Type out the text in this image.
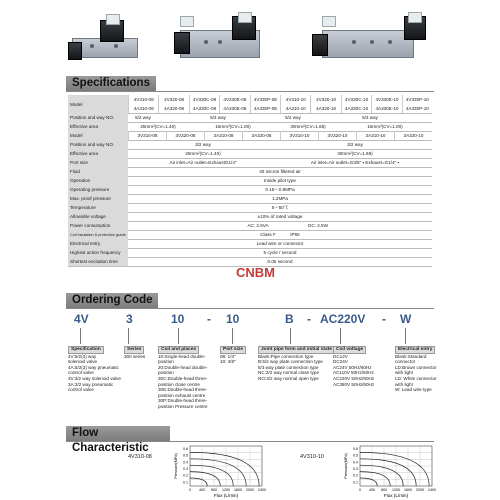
Specifications
Model
4V310-08	4V320-08	4V330C-08	4V330E-08	4V330P-08	4V310-10	4V320-10	4V330C-10	4V330E-10	4V330P-10
4A310-08	4A320-08	4A330C-08	4A330E-08	4A330P-08	4A310-10	4A320-10	4A330C-10	4A330E-10	4A330P-10
Position and way NO.	5/2 way	5/3 way	5/2 way	5/3 way
Effective area	25mm²(CV=1.40)	16mm²(CV=1.00)	30mm²(CV=1.68)	16mm²(CV=1.00)
Model	3V310-08	3V320-08	3A310-08	3A320-08	3V310-10	3V320-10	3A310-10	3A320-10
Position and way NO.	3/2 way	3/2 way
Effective area	25mm²(CV=1.40)	30mm²(CV=1.68)
Port size	Air inlet=Air outlet=ExhaustG1/4"	Air inlet=Air outlet=G3/8" ▪ Exhaust=G1/4" ▪
Fluid	40 micron filtered air
Operation	Inside pilot type
Operating pressure	0.15～0.8MPa
Max. proof pressure	1.2MPa
Temperature	5～50℃
Allowable voltage	±10% of rated voltage
Power consumption	AC: 2.5VA	DC: 2.5W
Coil insulation & protection grade	Class F	IP65
Electrical entry	Lead wire or connector
Highest action frequency	5 cycle / second
Shortest excitation time	0.05 second
CNBM
Ordering Code
4V	3	10 - 10	B - AC220V - W
Specification
4V:5/2(3) way
solenoid valve
4A:5/2(3) way pneumatic
control valve
3V:3/2 way solenoid valve
3A:3/2 way pneumatic
control valve
Series
300 series
Coil and places
10:Single-head double-
position
20:Double-head double-
position
30C:Double-head three-
position close centre
30E:Double-head three-
position exhaust centre
30P:Double-head three-
position Pressure centre
Port size
08: 1/4"
10: 3/8"
Joint pipe form and initial state
Blank:Pipe connection type
B:5/2 way plate connection type
5/3 way plate connection type
NC:3/2 way normal close type
NO:3/2 way normal open type
Coil voltage
DC12V
DC24V
AC24V 50Hz/60Hz
AC110V 50Hz/60Hz
AC220V 50Hz/60Hz
AC380V 50Hz/60Hz
Electrical entry
Blank:Standard
connector
LD:Brown connector
with light
LD: White connector
with light
W: Lead wire type
Flow Characteristic
4V310-08	4V310-10
0.6
0.5
0.4
0.3
0.2
0.1
0 400 800 1200 1600 2000 2400
Pressure(MPa)
Flux (L/min)
0.6
0.5
0.4
0.3
0.2
0.1
0 400 800 1200 1600 2000 2400
Pressure(MPa)
Flux (L/min)
